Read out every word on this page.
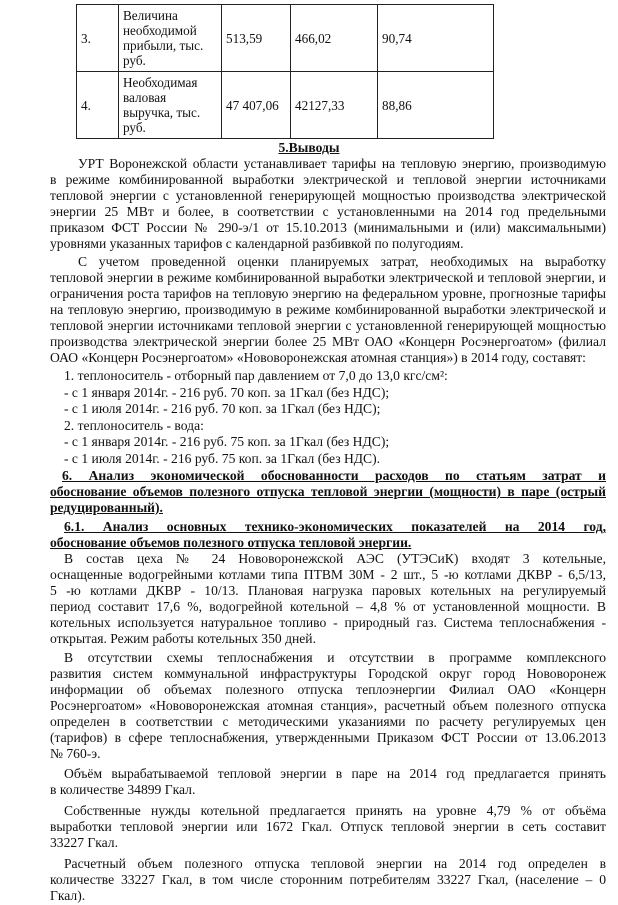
3.	Величина
необходимой
прибыли, тыс.
руб.	513,59	466,02	90,74
4.	Необходимая
валовая
выручка, тыс.
руб.	47 407,06	42127,33	88,86
5.Выводы
УРТ Воронежской области устанавливает тарифы на тепловую энергию, производимую
в режиме комбинированной выработки электрической и тепловой энергии источниками
тепловой энергии с установленной генерирующей мощностью производства электрической
энергии 25 МВт и более, в соответствии с установленными на 2014 год предельными
приказом ФСТ России № 290-э/1 от 15.10.2013 (минимальными и (или) максимальными)
уровнями указанных тарифов с календарной разбивкой по полугодиям.
С учетом проведенной оценки планируемых затрат, необходимых на выработку
тепловой энергии в режиме комбинированной выработки электрической и тепловой энергии, и
ограничения роста тарифов на тепловую энергию на федеральном уровне, прогнозные тарифы
на тепловую энергию, производимую в режиме комбинированной выработки электрической и
тепловой энергии источниками тепловой энергии с установленной генерирующей мощностью
производства электрической энергии более 25 МВт ОАО «Концерн Росэнергоатом» (филиал
ОАО «Концерн Росэнергоатом» «Нововоронежская атомная станция») в 2014 году, составят:
1. теплоноситель - отборный пар давлением от 7,0 до 13,0 кгс/см²:
- с 1 января 2014г. - 216 руб. 70 коп. за 1Гкал (без НДС);
- с 1 июля 2014г. - 216 руб. 70 коп. за 1Гкал (без НДС);
2. теплоноситель - вода:
- с 1 января 2014г. - 216 руб. 75 коп. за 1Гкал (без НДС);
- с 1 июля 2014г. - 216 руб. 75 коп. за 1Гкал (без НДС).
6. Анализ экономической обоснованности расходов по статьям затрат и
обоснование объемов полезного отпуска тепловой энергии (мощности) в паре (острый
редуцированный).
6.1. Анализ основных технико-экономических показателей на 2014 год,
обоснование объемов полезного отпуска тепловой энергии.
В состав цеха № 24 Нововоронежской АЭС (УТЭСиК) входят 3 котельные,
оснащенные водогрейными котлами типа ПТВМ 30М - 2 шт., 5 -ю котлами ДКВР - 6,5/13,
5 -ю котлами ДКВР - 10/13. Плановая нагрузка паровых котельных на регулируемый
период составит 17,6 %, водогрейной котельной – 4,8 % от установленной мощности. В
котельных используется натуральное топливо - природный газ. Система теплоснабжения -
открытая. Режим работы котельных 350 дней.
В отсутствии схемы теплоснабжения и отсутствии в программе комплексного
развития систем коммунальной инфраструктуры Городской округ город Нововоронеж
информации об объемах полезного отпуска теплоэнергии Филиал ОАО «Концерн
Росэнергоатом» «Нововоронежская атомная станция», расчетный объем полезного отпуска
определен в соответствии с методическими указаниями по расчету регулируемых цен
(тарифов) в сфере теплоснабжения, утвержденными Приказом ФСТ России от 13.06.2013
№ 760-э.
Объём вырабатываемой тепловой энергии в паре на 2014 год предлагается принять
в количестве 34899 Гкал.
Собственные нужды котельной предлагается принять на уровне 4,79 % от объёма
выработки тепловой энергии или 1672 Гкал. Отпуск тепловой энергии в сеть составит
33227 Гкал.
Расчетный объем полезного отпуска тепловой энергии на 2014 год определен в
количестве 33227 Гкал, в том числе сторонним потребителям 33227 Гкал, (население – 0
Гкал).
